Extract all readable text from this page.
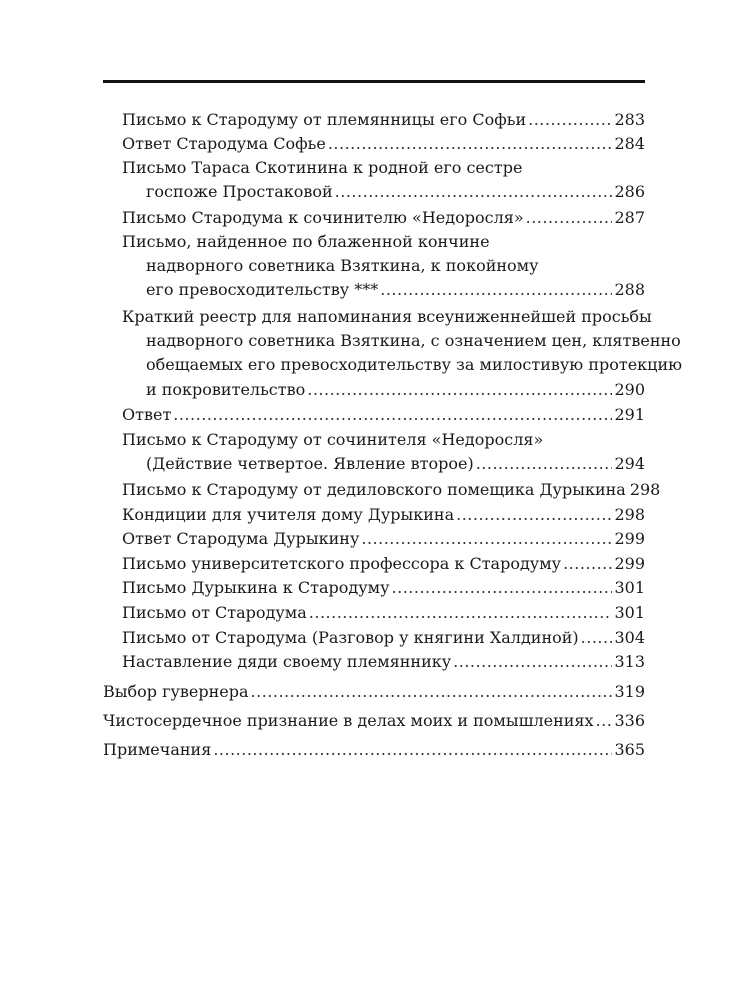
Письмо к Стародуму от племянницы его Софьи .....	283
Ответ Стародума Софье .....	284
Письмо Тараса Скотинина к родной его сестре
госпоже Простаковой .....	286
Письмо Стародума к сочинителю «Недоросля» .....	287
Письмо, найденное по блаженной кончине
надворного советника Взяткина, к покойному
его превосходительству *** .....	288
Краткий реестр для напоминания всеуниженнейшей просьбы
надворного советника Взяткина, с означением цен, клятвенно
обещаемых его превосходительству за милостивую протекцию
и покровительство .....	290
Ответ .....	291
Письмо к Стародуму от сочинителя «Недоросля»
(Действие четвертое. Явление второе) .....	294
Письмо к Стародуму от дедиловского помещика Дурыкина 298
Кондиции для учителя дому Дурыкина .....	298
Ответ Стародума Дурыкину .....	299
Письмо университетского профессора к Стародуму .....	299
Письмо Дурыкина к Стародуму .....	301
Письмо от Стародума .....	301
Письмо от Стародума (Разговор у княгини Халдиной) ..... 304
Наставление дяди своему племяннику .....	313
Выбор гувернера .....	319
Чистосердечное признание в делах моих и помышлениях ..... 336
Примечания .....	365
